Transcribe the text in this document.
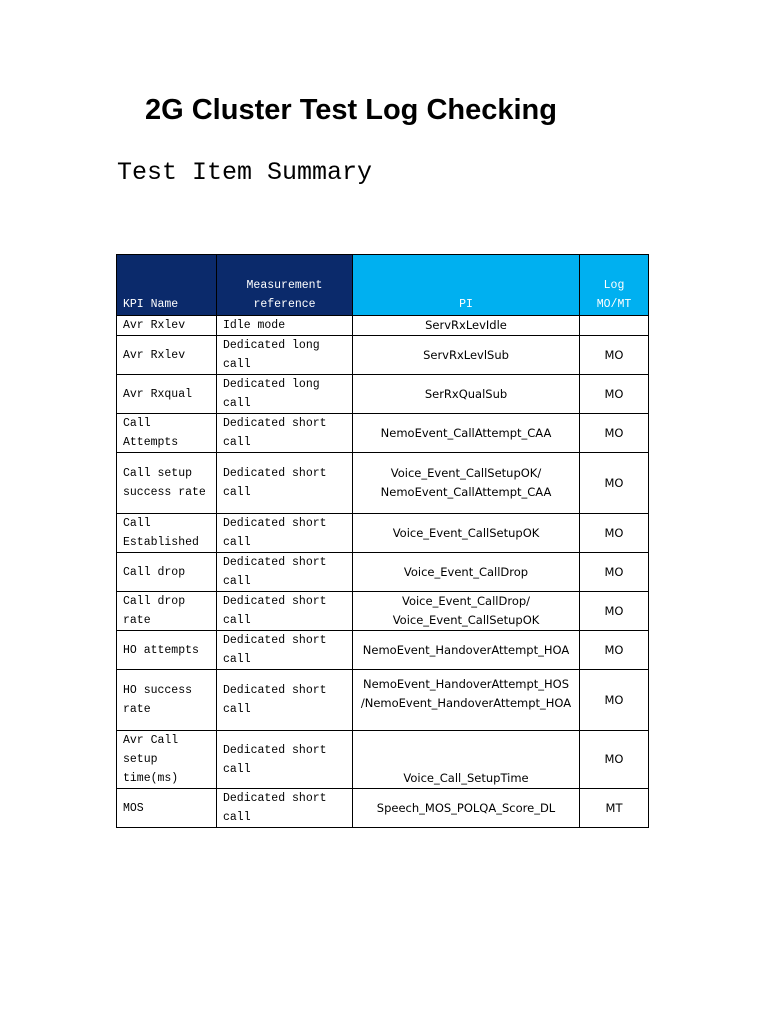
2G Cluster Test Log Checking
Test Item Summary
KPI Name	Measurement
reference	PI	Log
MO/MT

Avr Rxlev	Idle mode	ServRxLevIdle	

Avr Rxlev	Dedicated long
call	ServRxLevlSub	MO

Avr Rxqual	Dedicated long
call	SerRxQualSub	MO

Call Attempts	Dedicated short
call	NemoEvent_CallAttempt_CAA	MO

Call setup
success rate	Dedicated short
call	Voice_Event_CallSetupOK/
NemoEvent_CallAttempt_CAA	MO

Call
Established	Dedicated short
call	Voice_Event_CallSetupOK	MO

Call drop	Dedicated short
call	Voice_Event_CallDrop	MO

Call drop
rate	Dedicated short
call	Voice_Event_CallDrop/
Voice_Event_CallSetupOK	MO

HO attempts	Dedicated short
call	NemoEvent_HandoverAttempt_HOA	MO

HO success
rate	Dedicated short
call	NemoEvent_HandoverAttempt_HOS
/NemoEvent_HandoverAttempt_HOA	MO

Avr Call
setup
time(ms)	Dedicated short
call	Voice_Call_SetupTime	MO

MOS	Dedicated short
call	Speech_MOS_POLQA_Score_DL	MT
